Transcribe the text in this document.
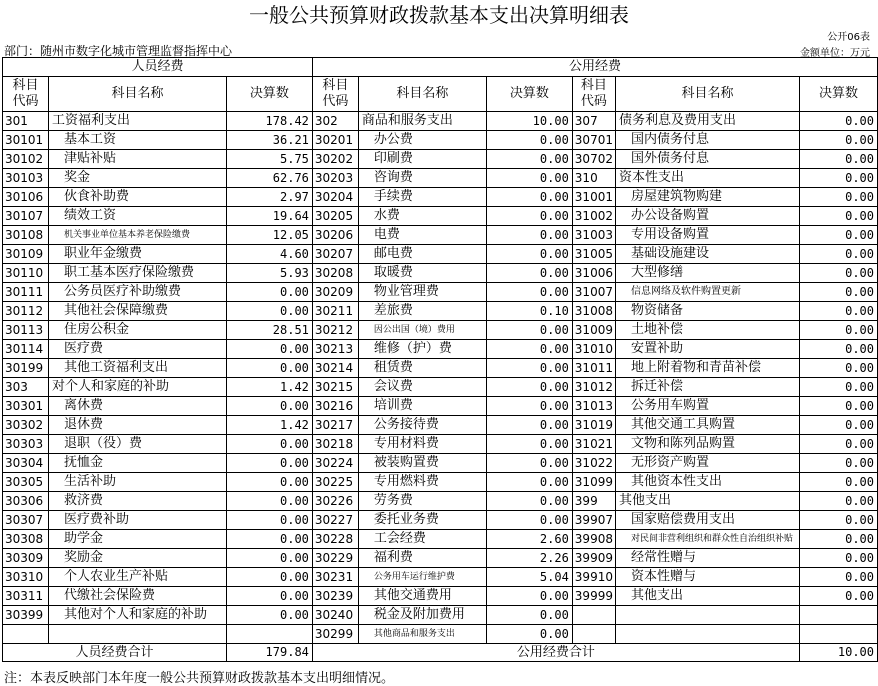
一般公共预算财政拨款基本支出决算明细表
公开06表
部门：随州市数字化城市管理监督指挥中心	金额单位：万元
人员经费			公用经费					
科目代码	科目名称	决算数	科目代码	科目名称	决算数	科目代码	科目名称	决算数
301	工资福利支出	178.42	302	商品和服务支出	10.00	307	债务利息及费用支出	0.00
30101	基本工资	36.21	30201	办公费	0.00	30701	国内债务付息	0.00
30102	津贴补贴	5.75	30202	印刷费	0.00	30702	国外债务付息	0.00
30103	奖金	62.76	30203	咨询费	0.00	310	资本性支出	0.00
30106	伙食补助费	2.97	30204	手续费	0.00	31001	房屋建筑物购建	0.00
30107	绩效工资	19.64	30205	水费	0.00	31002	办公设备购置	0.00
30108	机关事业单位基本养老保险缴费	12.05	30206	电费	0.00	31003	专用设备购置	0.00
30109	职业年金缴费	4.60	30207	邮电费	0.00	31005	基础设施建设	0.00
30110	职工基本医疗保险缴费	5.93	30208	取暖费	0.00	31006	大型修缮	0.00
30111	公务员医疗补助缴费	0.00	30209	物业管理费	0.00	31007	信息网络及软件购置更新	0.00
30112	其他社会保障缴费	0.00	30211	差旅费	0.10	31008	物资储备	0.00
30113	住房公积金	28.51	30212	因公出国（境）费用	0.00	31009	土地补偿	0.00
30114	医疗费	0.00	30213	维修（护）费	0.00	31010	安置补助	0.00
30199	其他工资福利支出	0.00	30214	租赁费	0.00	31011	地上附着物和青苗补偿	0.00
303	对个人和家庭的补助	1.42	30215	会议费	0.00	31012	拆迁补偿	0.00
30301	离休费	0.00	30216	培训费	0.00	31013	公务用车购置	0.00
30302	退休费	1.42	30217	公务接待费	0.00	31019	其他交通工具购置	0.00
30303	退职（役）费	0.00	30218	专用材料费	0.00	31021	文物和陈列品购置	0.00
30304	抚恤金	0.00	30224	被装购置费	0.00	31022	无形资产购置	0.00
30305	生活补助	0.00	30225	专用燃料费	0.00	31099	其他资本性支出	0.00
30306	救济费	0.00	30226	劳务费	0.00	399	其他支出	0.00
30307	医疗费补助	0.00	30227	委托业务费	0.00	39907	国家赔偿费用支出	0.00
30308	助学金	0.00	30228	工会经费	2.60	39908	对民间非营利组织和群众性自治组织补贴	0.00
30309	奖励金	0.00	30229	福利费	2.26	39909	经常性赠与	0.00
30310	个人农业生产补贴	0.00	30231	公务用车运行维护费	5.04	39910	资本性赠与	0.00
30311	代缴社会保险费	0.00	30239	其他交通费用	0.00	39999	其他支出	0.00
30399	其他对个人和家庭的补助	0.00	30240	税金及附加费用	0.00			
			30299	其他商品和服务支出	0.00			
人员经费合计		179.84	公用经费合计					10.00
注：本表反映部门本年度一般公共预算财政拨款基本支出明细情况。
